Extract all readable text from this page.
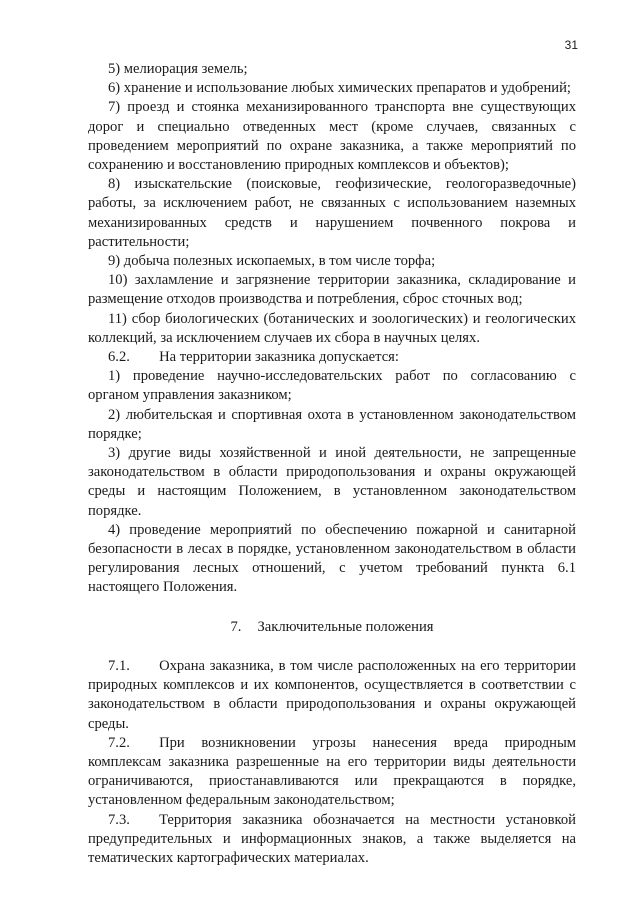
31

5) мелиорация земель;

6) хранение и использование любых химических препаратов и удобрений;

7) проезд и стоянка механизированного транспорта вне существующих дорог и специально отведенных мест (кроме случаев, связанных с проведением мероприятий по охране заказника, а также мероприятий по сохранению и восстановлению природных комплексов и объектов);

8) изыскательские (поисковые, геофизические, геологоразведочные) работы, за исключением работ, не связанных с использованием наземных механизированных средств и нарушением почвенного покрова и растительности;

9) добыча полезных ископаемых, в том числе торфа;

10) захламление и загрязнение территории заказника, складирование и размещение отходов производства и потребления, сброс сточных вод;

11) сбор биологических (ботанических и зоологических) и геологических коллекций, за исключением случаев их сбора в научных целях.

6.2.  На территории заказника допускается:

1) проведение научно-исследовательских работ по согласованию с органом управления заказником;

2) любительская и спортивная охота в установленном законодательством порядке;

3) другие виды хозяйственной и иной деятельности, не запрещенные законодательством в области природопользования и охраны окружающей среды и настоящим Положением, в установленном законодательством порядке.

4) проведение мероприятий по обеспечению пожарной и санитарной безопасности в лесах в порядке, установленном законодательством в области регулирования лесных отношений, с учетом требований пункта 6.1 настоящего Положения.

7. Заключительные положения

7.1.  Охрана заказника, в том числе расположенных на его территории природных комплексов и их компонентов, осуществляется в соответствии с законодательством в области природопользования и охраны окружающей среды.

7.2.  При возникновении угрозы нанесения вреда природным комплексам заказника разрешенные на его территории виды деятельности ограничиваются, приостанавливаются или прекращаются в порядке, установленном федеральным законодательством;

7.3.  Территория заказника обозначается на местности установкой предупредительных и информационных знаков, а также выделяется на тематических картографических материалах.
